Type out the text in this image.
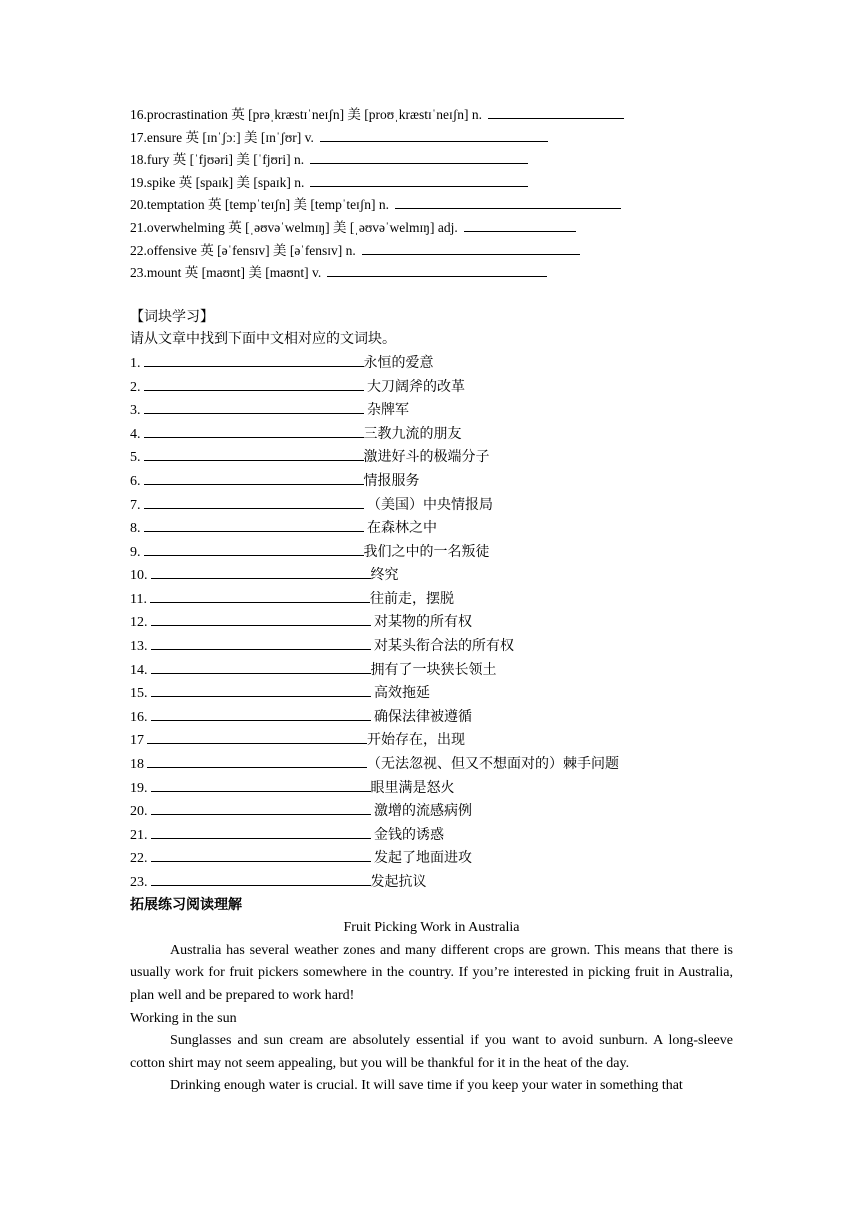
16.procrastination 英 [prəˌkræstɪˈneɪʃn] 美 [proʊˌkræstɪˈneɪʃn] n.
17.ensure 英 [ɪnˈʃɔː] 美 [ɪnˈʃʊr] v.
18.fury 英 [ˈfjʊəri] 美 [ˈfjʊri] n.
19.spike 英 [spaɪk] 美 [spaɪk] n.
20.temptation 英 [tempˈteɪʃn] 美 [tempˈteɪʃn] n.
21.overwhelming 英 [ˌəʊvəˈwelmɪŋ] 美 [ˌəʊvəˈwelmɪŋ] adj.
22.offensive 英 [əˈfensɪv] 美 [əˈfensɪv] n.
23.mount 英 [maʊnt] 美 [maʊnt] v.
【词块学习】
请从文章中找到下面中文相对应的文词块。
1.	永恒的爱意
2.	大刀阔斧的改革
3.	杂牌军
4.	三教九流的朋友
5.	激进好斗的极端分子
6.	情报服务
7.	（美国）中央情报局
8.	在森林之中
9.	我们之中的一名叛徒
10.	终究
11.	往前走，摆脱
12.	对某物的所有权
13.	对某头衔合法的所有权
14.	拥有了一块狭长领土
15.	高效拖延
16.	确保法律被遵循
17	开始存在，出现
18	（无法忽视、但又不想面对的）棘手问题
19.	眼里满是怒火
20.	激增的流感病例
21.	金钱的诱惑
22.	发起了地面进攻
23.	发起抗议
拓展练习阅读理解
Fruit Picking Work in Australia
Australia has several weather zones and many different crops are grown. This means that there is usually work for fruit pickers somewhere in the country. If you’re interested in picking fruit in Australia, plan well and be prepared to work hard!
Working in the sun
Sunglasses and sun cream are absolutely essential if you want to avoid sunburn. A long-sleeve cotton shirt may not seem appealing, but you will be thankful for it in the heat of the day.
Drinking enough water is crucial. It will save time if you keep your water in something that
